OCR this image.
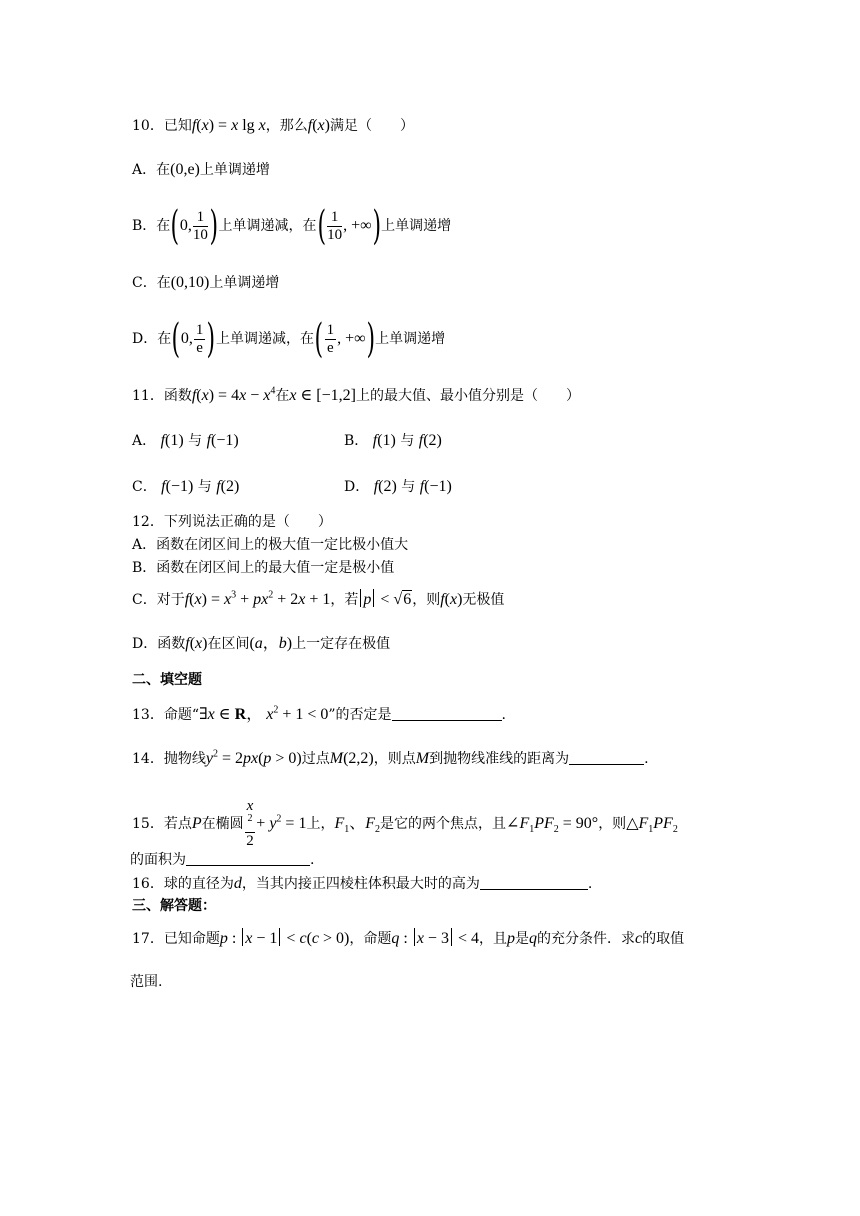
10．已知f(x) = x lg x，那么f(x)满足（　　）
A．在(0,e)上单调递增
B．在(0, $\frac{1}{10}$ )上单调递减，在( $\frac{1}{10}$ , +∞)上单调递增
C．在(0,10)上单调递增
D．在(0, $\frac{1}{e}$ )上单调递减，在( $\frac{1}{e}$ , +∞)上单调递增
11．函数$f(x) = 4x - x^4$在x ∈ [−1,2]上的最大值、最小值分别是（　　）
A． f(1) 与 f(−1)	B． f(1) 与 f(2)
C． f(−1) 与 f(2)	D． f(2) 与 f(−1)
12．下列说法正确的是（　　）
A．函数在闭区间上的极大值一定比极小值大
B．函数在闭区间上的最大值一定是极小值
C．对于$f(x) = x^3 + px^2 + 2x + 1$，若 p < √6，则f(x)无极值
D．函数f(x)在区间(a，b)上一定存在极值
二、填空题
13．命题“∃x ∈ R， $x^2 + 1 < 0$”的否定是	.
14．抛物线$y^2 = 2px(p > 0)$过点M(2,2)，则点M到抛物线准线的距离为	.
15．若点P在椭圆 x
$^2$
$2 + y^2 = 1$上，$F_1$、$F_2$是它的两个焦点，且$\angle F_1PF_2 = 90^\circ$，则$\triangle F_1PF_2$
的面积为	.
16．球的直径为d，当其内接正四棱柱体积最大时的高为	.
三、解答题：
17．已知命题p : x − 1 < c(c > 0)，命题q : x − 3 < 4，且p是q的充分条件．求c的取值
范围.
